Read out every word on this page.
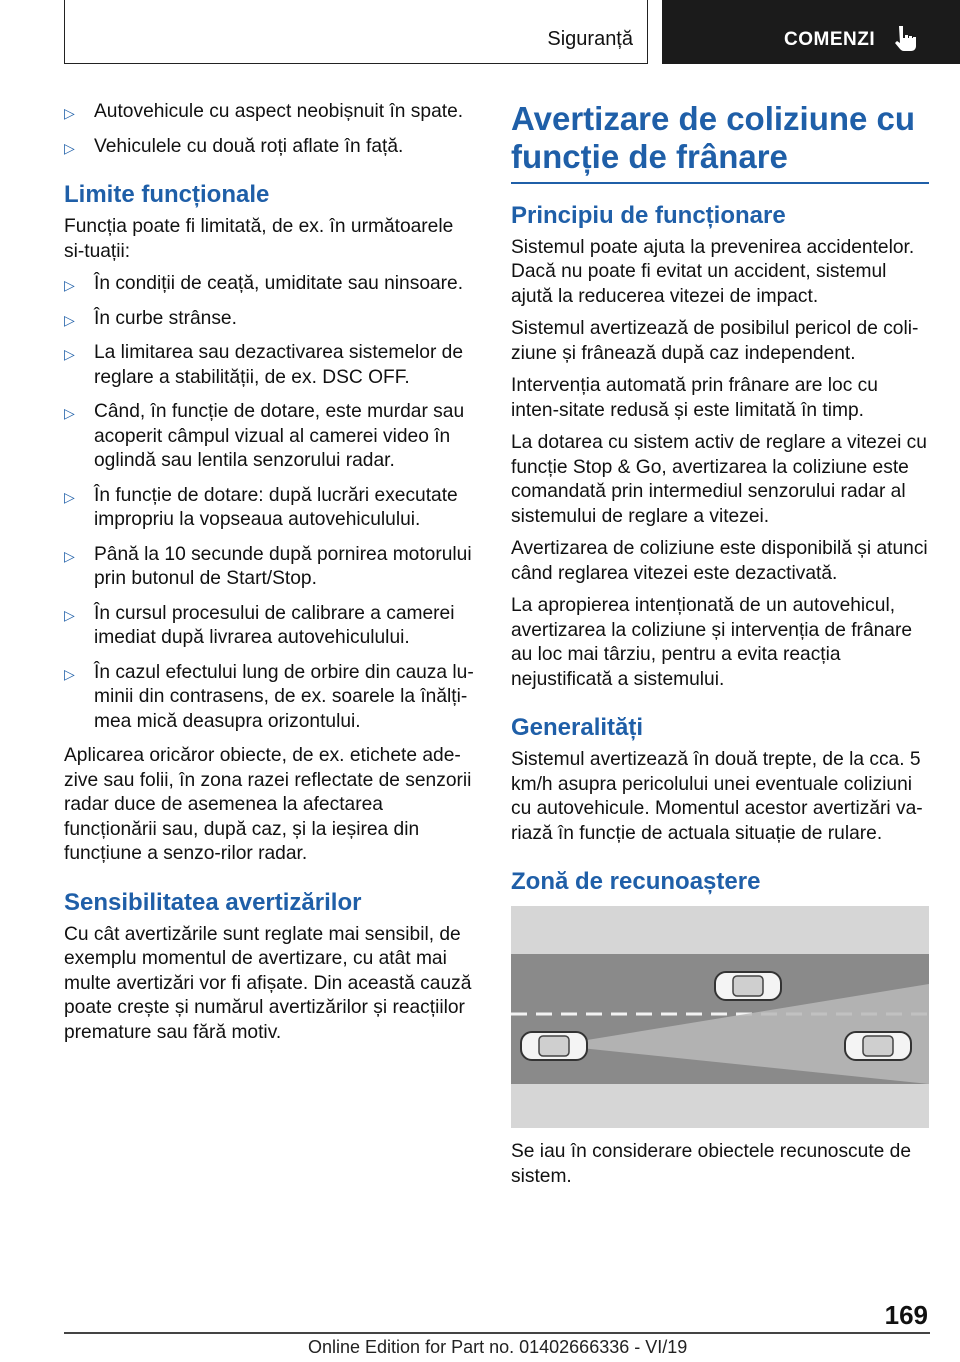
Siguranță	COMENZI
▷ Autovehicule cu aspect neobișnuit în spate.
▷ Vehiculele cu două roți aflate în față.
Limite funcționale
Funcția poate fi limitată, de ex. în următoarele si‐tuații:
▷ În condiții de ceață, umiditate sau ninsoare.
▷ În curbe strânse.
▷ La limitarea sau dezactivarea sistemelor de reglare a stabilității, de ex. DSC OFF.
▷ Când, în funcție de dotare, este murdar sau acoperit câmpul vizual al camerei video în oglindă sau lentila senzorului radar.
▷ În funcție de dotare: după lucrări executate impropriu la vopseaua autovehiculului.
▷ Până la 10 secunde după pornirea motorului prin butonul de Start/Stop.
▷ În cursul procesului de calibrare a camerei imediat după livrarea autovehiculului.
▷ În cazul efectului lung de orbire din cauza lu‐minii din contrasens, de ex. soarele la înălți‐mea mică deasupra orizontului.
Aplicarea oricăror obiecte, de ex. etichete ade‐zive sau folii, în zona razei reflectate de senzorii radar duce de asemenea la afectarea funcționării sau, după caz, și la ieșirea din funcțiune a senzo‐rilor radar.
Sensibilitatea avertizărilor
Cu cât avertizările sunt reglate mai sensibil, de exemplu momentul de avertizare, cu atât mai multe avertizări vor fi afișate. Din această cauză poate crește și numărul avertizărilor și reacțiilor premature sau fără motiv.
Avertizare de coliziune cu funcție de frânare
Principiu de funcționare
Sistemul poate ajuta la prevenirea accidentelor. Dacă nu poate fi evitat un accident, sistemul ajută la reducerea vitezei de impact.
Sistemul avertizează de posibilul pericol de coli‐ziune și frânează după caz independent.
Intervenția automată prin frânare are loc cu inten‐sitate redusă și este limitată în timp.
La dotarea cu sistem activ de reglare a vitezei cu funcție Stop & Go, avertizarea la coliziune este comandată prin intermediul senzorului radar al sistemului de reglare a vitezei.
Avertizarea de coliziune este disponibilă și atunci când reglarea vitezei este dezactivată.
La apropierea intenționată de un autovehicul, avertizarea la coliziune și intervenția de frânare au loc mai târziu, pentru a evita reacția nejustificată a sistemului.
Generalități
Sistemul avertizează în două trepte, de la cca. 5 km/h asupra pericolului unei eventuale coliziuni cu autovehicule. Momentul acestor avertizări va‐riază în funcție de actuala situație de rulare.
Zonă de recunoaștere
Se iau în considerare obiectele recunoscute de sistem.
169
Online Edition for Part no. 01402666336 - VI/19
